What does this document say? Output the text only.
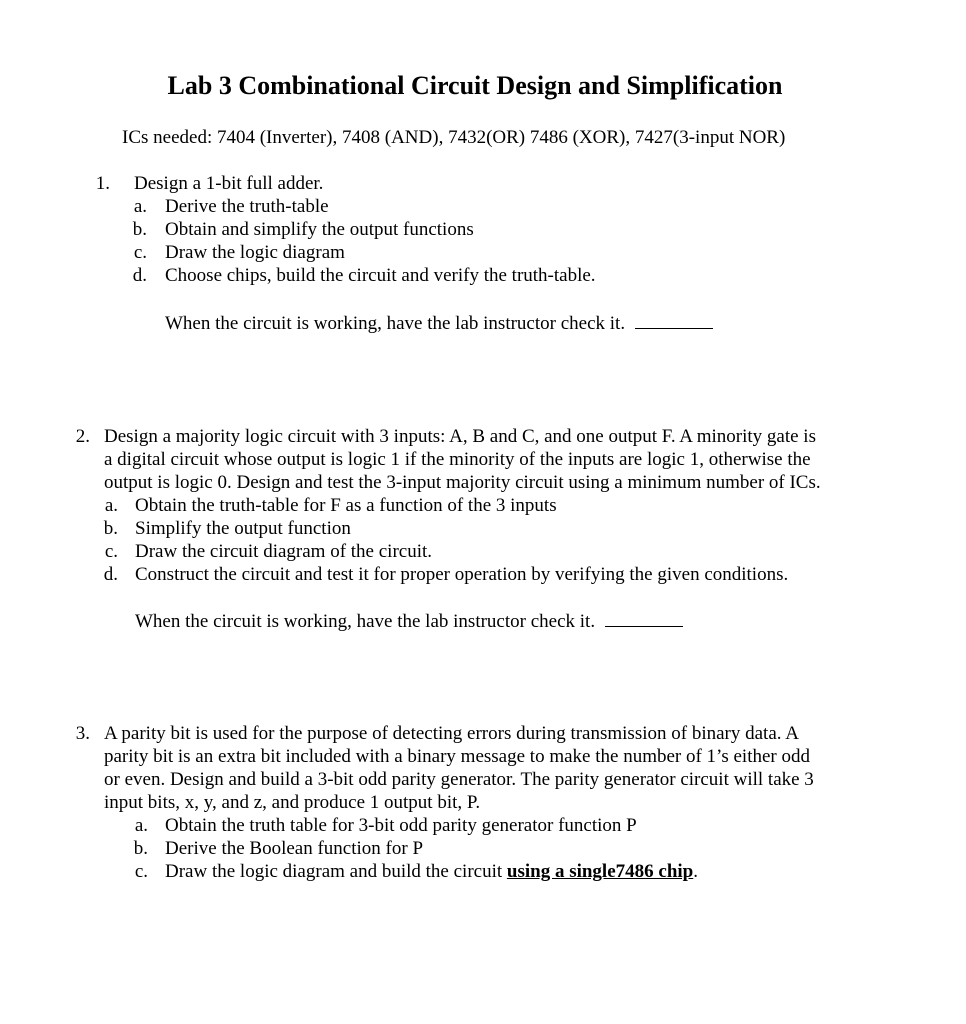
Lab 3 Combinational Circuit Design and Simplification
ICs needed: 7404 (Inverter), 7408 (AND), 7432(OR) 7486 (XOR), 7427(3-input NOR)
1. Design a 1-bit full adder.
a. Derive the truth-table
b. Obtain and simplify the output functions
c. Draw the logic diagram
d. Choose chips, build the circuit and verify the truth-table.
When the circuit is working, have the lab instructor check it.
2. Design a majority logic circuit with 3 inputs: A, B and C, and one output F. A minority gate is
a digital circuit whose output is logic 1 if the minority of the inputs are logic 1, otherwise the
output is logic 0. Design and test the 3-input majority circuit using a minimum number of ICs.
a. Obtain the truth-table for F as a function of the 3 inputs
b. Simplify the output function
c. Draw the circuit diagram of the circuit.
d. Construct the circuit and test it for proper operation by verifying the given conditions.
When the circuit is working, have the lab instructor check it.
3. A parity bit is used for the purpose of detecting errors during transmission of binary data. A
parity bit is an extra bit included with a binary message to make the number of 1’s either odd
or even. Design and build a 3-bit odd parity generator. The parity generator circuit will take 3
input bits, x, y, and z, and produce 1 output bit, P.
a. Obtain the truth table for 3-bit odd parity generator function P
b. Derive the Boolean function for P
c. Draw the logic diagram and build the circuit using a single7486 chip.
